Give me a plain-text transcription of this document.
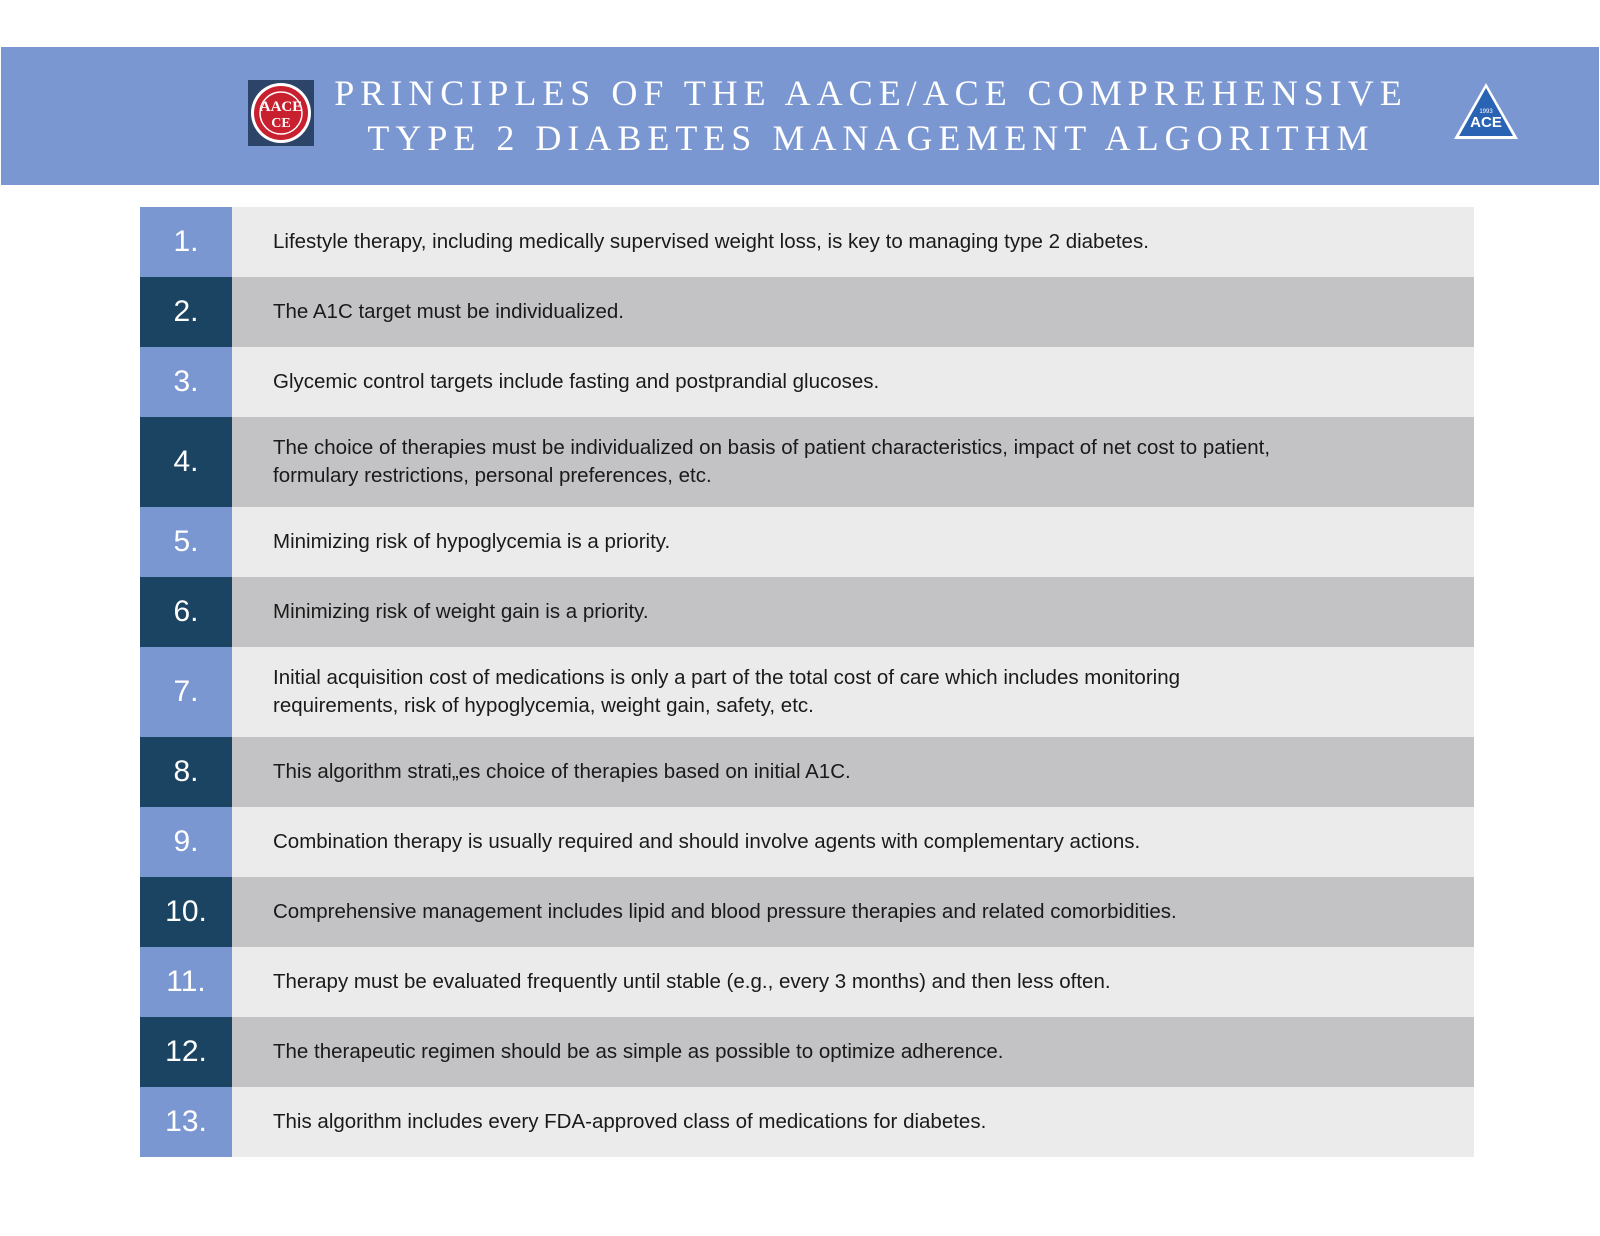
AACE
CE
PRINCIPLES OF THE AACE/ACE COMPREHENSIVE
TYPE 2 DIABETES MANAGEMENT ALGORITHM
1993
ACE
1.	Lifestyle therapy, including medically supervised weight loss, is key to managing type 2 diabetes.
2.	The A1C target must be individualized.
3.	Glycemic control targets include fasting and postprandial glucoses.
4.	The choice of therapies must be individualized on basis of patient characteristics, impact of net cost to patient, formulary restrictions, personal preferences, etc.
5.	Minimizing risk of hypoglycemia is a priority.
6.	Minimizing risk of weight gain is a priority.
7.	Initial acquisition cost of medications is only a part of the total cost of care which includes monitoring requirements, risk of hypoglycemia, weight gain, safety, etc.
8.	This algorithm strati„es choice of therapies based on initial A1C.
9.	Combination therapy is usually required and should involve agents with complementary actions.
10.	Comprehensive management includes lipid and blood pressure therapies and related comorbidities.
11.	Therapy must be evaluated frequently until stable (e.g., every 3 months) and then less often.
12.	The therapeutic regimen should be as simple as possible to optimize adherence.
13.	This algorithm includes every FDA-approved class of medications for diabetes.
